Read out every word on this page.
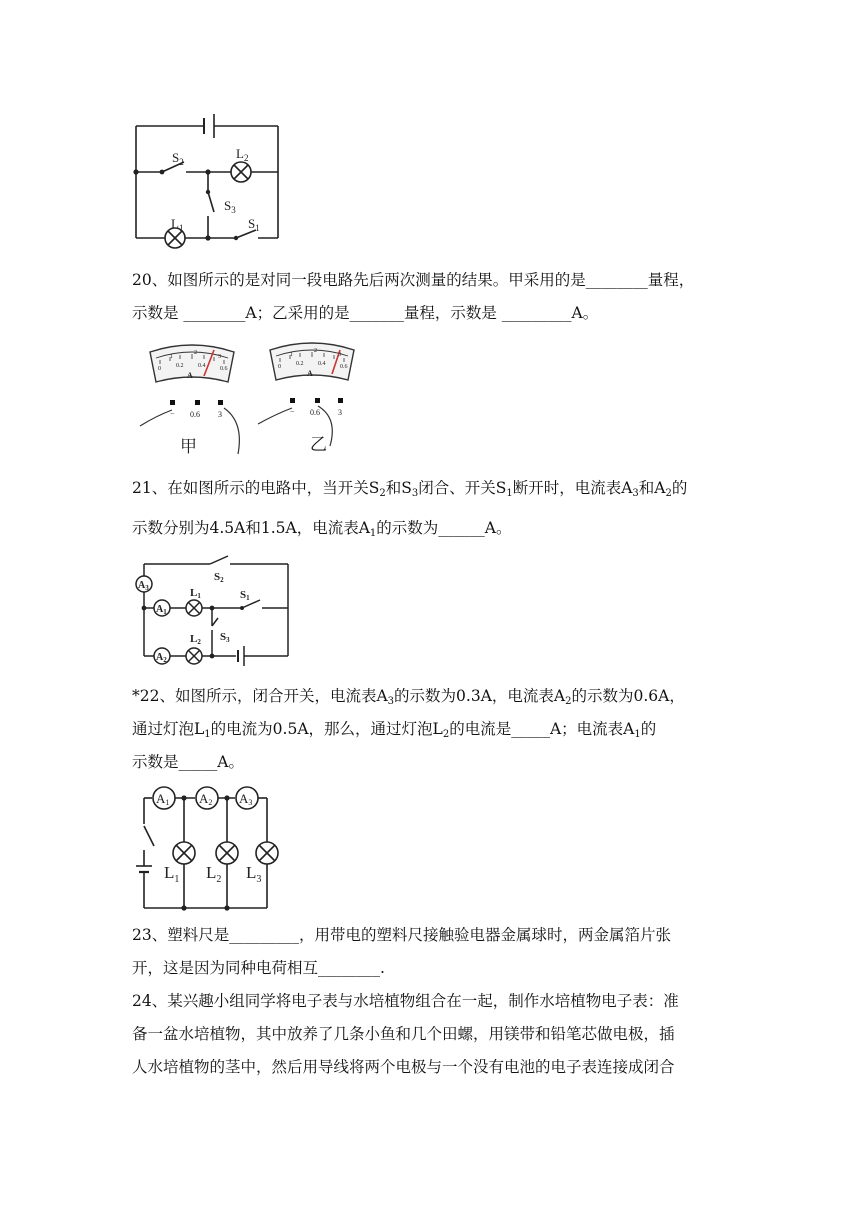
$S_2$
$L_2$
$S_3$
$L_1$	$S_1$
20、如图所示的是对同一段电路先后两次测量的结果。甲采用的是________量程，
示数是 ________A；乙采用的是_______量程，示数是 _________A。
0	0.2 0.4 0.6
1
2
3
A
− 0.6 3
甲
0	0.2 0.4 0.6
1
2
3
A
− 0.6 3
乙
21、在如图所示的电路中，当开关$S_2$和$S_3$闭合、开关$S_1$断开时，电流表$A_3$和$A_2$的
示数分别为4.5A和1.5A，电流表$A_1$的示数为______A。
$A_3$
S2
$A_1$
L1	S1
L2 S3
$A_2$
*22、如图所示，闭合开关，电流表$A_3$的示数为0.3A，电流表$A_2$的示数为0.6A，
通过灯泡$L_1$的电流为0.5A，那么，通过灯泡$L_2$的电流是_____A；电流表$A_1$的
示数是_____A。
A1 A2 A3
$L_1$ $L_2$ $L_3$
23、塑料尺是_________，用带电的塑料尺接触验电器金属球时，两金属箔片张
开，这是因为同种电荷相互________.
24、某兴趣小组同学将电子表与水培植物组合在一起，制作水培植物电子表：准
备一盆水培植物，其中放养了几条小鱼和几个田螺，用镁带和铅笔芯做电极，插
人水培植物的茎中，然后用导线将两个电极与一个没有电池的电子表连接成闭合
